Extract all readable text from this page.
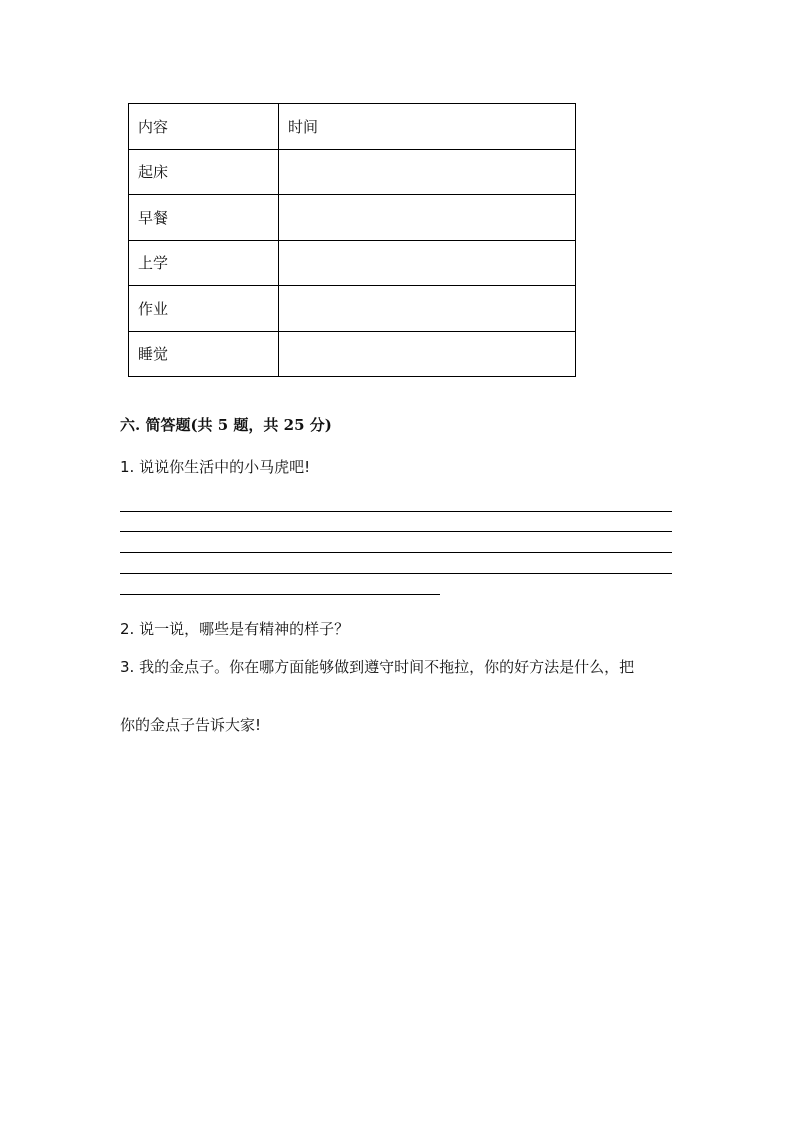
内容	时间
起床	
早餐	
上学	
作业	
睡觉	
六. 简答题(共 5 题，共 25 分)
1. 说说你生活中的小马虎吧!
2. 说一说，哪些是有精神的样子？
3. 我的金点子。你在哪方面能够做到遵守时间不拖拉，你的好方法是什么，把
你的金点子告诉大家!
